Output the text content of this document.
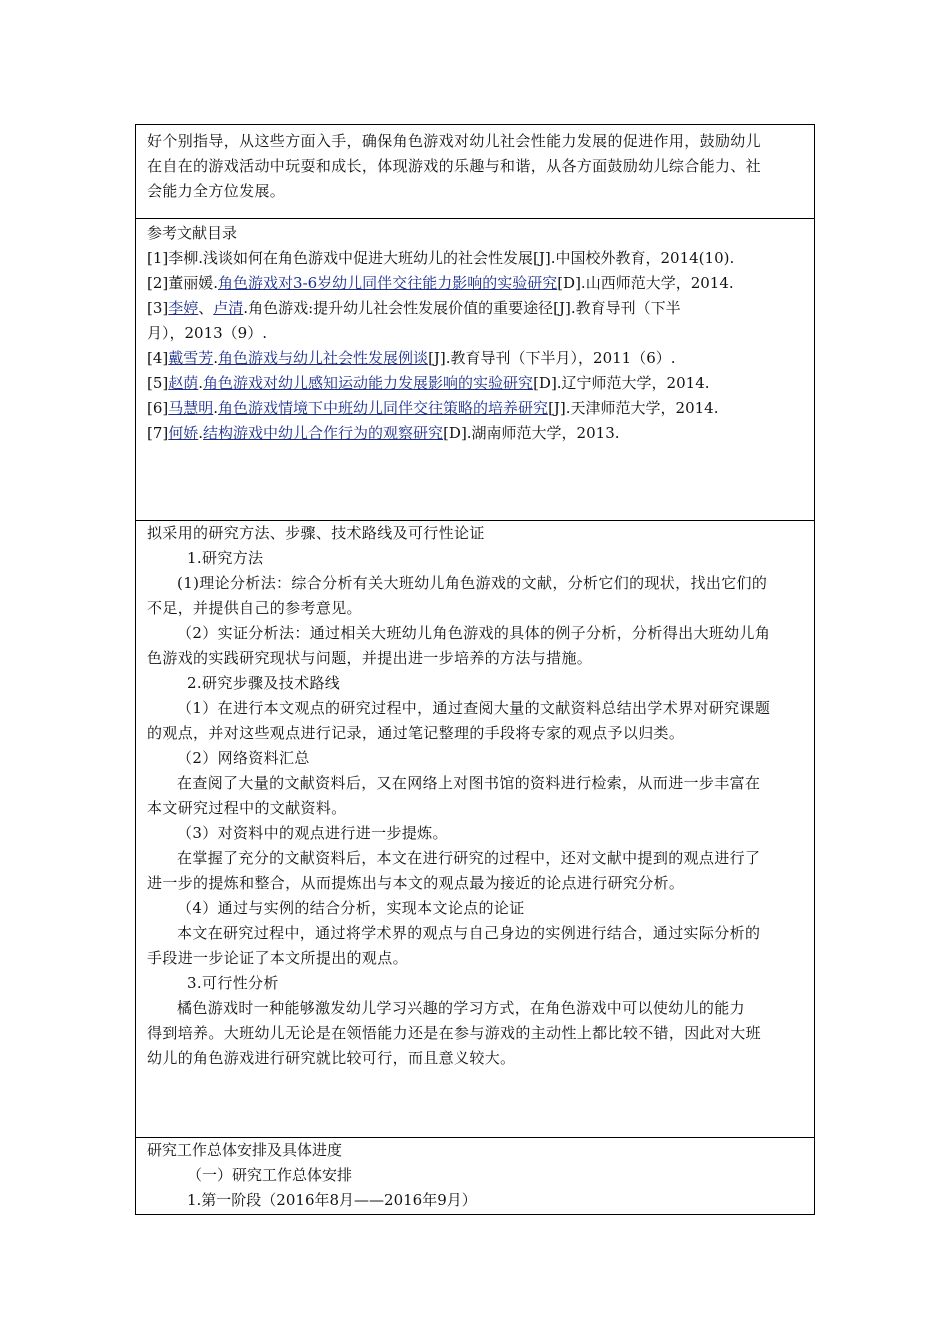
好个别指导，从这些方面入手，确保角色游戏对幼儿社会性能力发展的促进作用，鼓励幼儿
在自在的游戏活动中玩耍和成长，体现游戏的乐趣与和谐，从各方面鼓励幼儿综合能力、社
会能力全方位发展。
参考文献目录
[1]李柳.浅谈如何在角色游戏中促进大班幼儿的社会性发展[J].中国校外教育，2014(10).
[2]董丽媛.角色游戏对3-6岁幼儿同伴交往能力影响的实验研究[D].山西师范大学，2014.
[3]李婷、卢清.角色游戏:提升幼儿社会性发展价值的重要途径[J].教育导刊（下半
月），2013（9）.
[4]戴雪芳.角色游戏与幼儿社会性发展例谈[J].教育导刊（下半月），2011（6）.
[5]赵荫.角色游戏对幼儿感知运动能力发展影响的实验研究[D].辽宁师范大学，2014.
[6]马慧明.角色游戏情境下中班幼儿同伴交往策略的培养研究[J].天津师范大学，2014.
[7]何娇.结构游戏中幼儿合作行为的观察研究[D].湖南师范大学，2013.
拟采用的研究方法、步骤、技术路线及可行性论证
1.研究方法
(1)理论分析法：综合分析有关大班幼儿角色游戏的文献，分析它们的现状，找出它们的
不足，并提供自己的参考意见。
（2）实证分析法：通过相关大班幼儿角色游戏的具体的例子分析，分析得出大班幼儿角
色游戏的实践研究现状与问题，并提出进一步培养的方法与措施。
2.研究步骤及技术路线
（1）在进行本文观点的研究过程中，通过查阅大量的文献资料总结出学术界对研究课题
的观点，并对这些观点进行记录，通过笔记整理的手段将专家的观点予以归类。
（2）网络资料汇总
在查阅了大量的文献资料后，又在网络上对图书馆的资料进行检索，从而进一步丰富在
本文研究过程中的文献资料。
（3）对资料中的观点进行进一步提炼。
在掌握了充分的文献资料后，本文在进行研究的过程中，还对文献中提到的观点进行了
进一步的提炼和整合，从而提炼出与本文的观点最为接近的论点进行研究分析。
（4）通过与实例的结合分析，实现本文论点的论证
本文在研究过程中，通过将学术界的观点与自己身边的实例进行结合，通过实际分析的
手段进一步论证了本文所提出的观点。
3.可行性分析
橘色游戏时一种能够激发幼儿学习兴趣的学习方式，在角色游戏中可以使幼儿的能力
得到培养。大班幼儿无论是在领悟能力还是在参与游戏的主动性上都比较不错，因此对大班
幼儿的角色游戏进行研究就比较可行，而且意义较大。
研究工作总体安排及具体进度
（一）研究工作总体安排
1.第一阶段（2016年8月——2016年9月）
